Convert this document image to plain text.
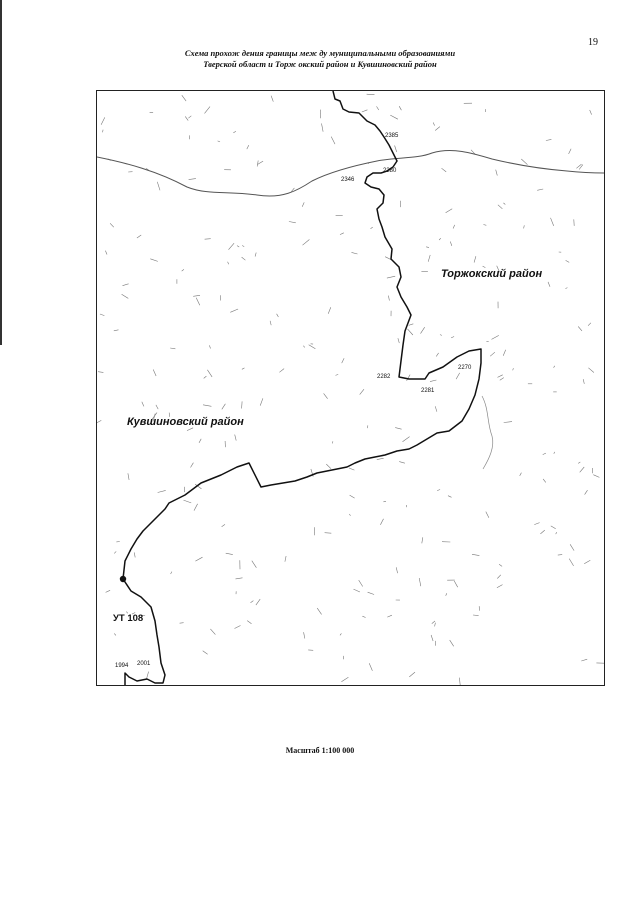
19
Схема прохож дения границы меж ду муниципальными образованиями
Тверской област и Торж окский район и Кувшиновский район
Торжокский район
Кувшиновский район
УТ 108
2385
2380
2346
2282
2281
2270
1994 2001
Масштаб 1:100 000
